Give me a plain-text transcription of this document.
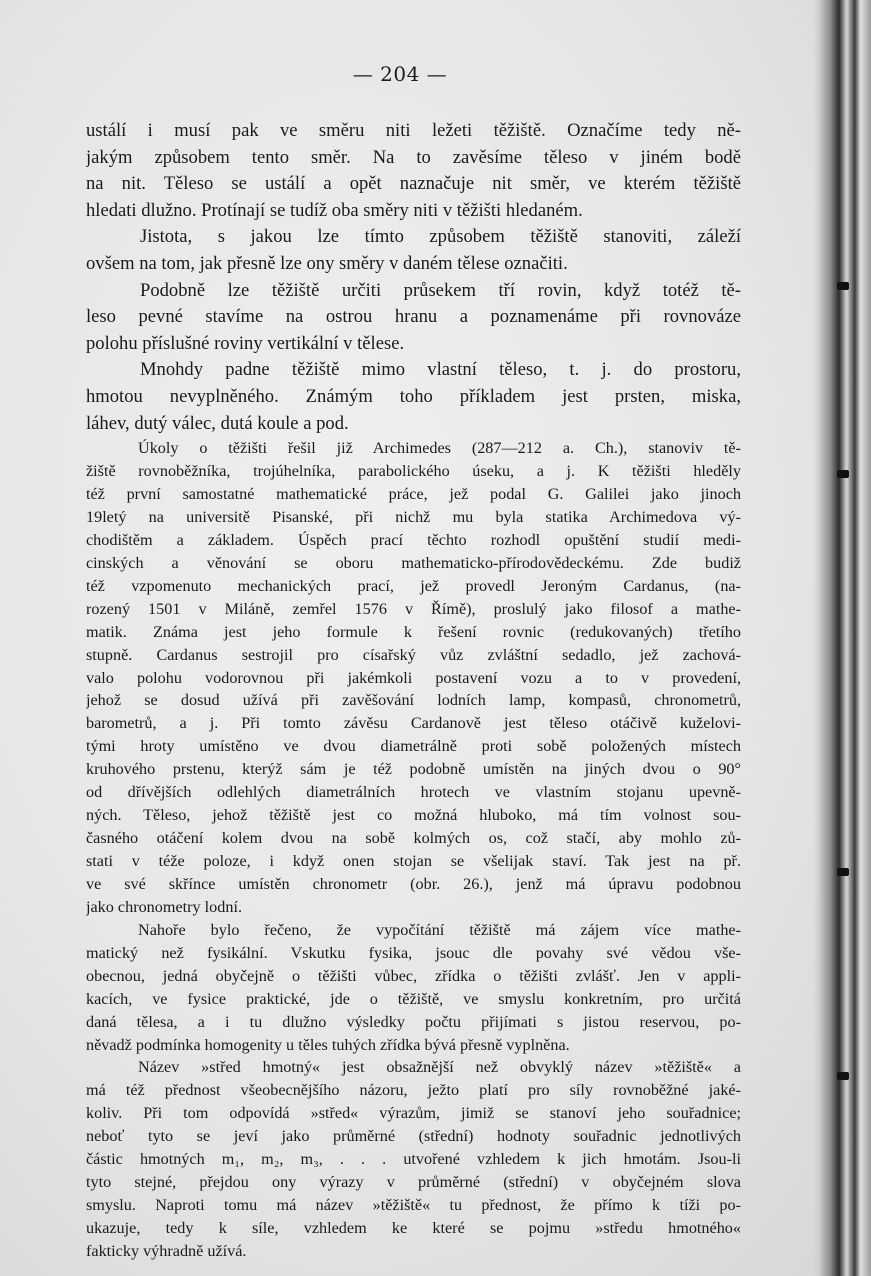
— 204 —
ustálí i musí pak ve směru niti ležeti těžiště. Označíme tedy ně-
jakým způsobem tento směr. Na to zavěsíme těleso v jiném bodě
na nit. Těleso se ustálí a opět naznačuje nit směr, ve kterém těžiště
hledati dlužno. Protínají se tudíž oba směry niti v těžišti hledaném.
Jistota, s jakou lze tímto způsobem těžiště stanoviti, záleží
ovšem na tom, jak přesně lze ony směry v daném tělese označiti.
Podobně lze těžiště určiti průsekem tří rovin, když totéž tě-
leso pevné stavíme na ostrou hranu a poznamenáme při rovnováze
polohu příslušné roviny vertikální v tělese.
Mnohdy padne těžiště mimo vlastní těleso, t. j. do prostoru,
hmotou nevyplněného. Známým toho příkladem jest prsten, miska,
láhev, dutý válec, dutá koule a pod.
Úkoly o těžišti řešil již Archimedes (287—212 a. Ch.), stanoviv tě-
žiště rovnoběžníka, trojúhelníka, parabolického úseku, a j. K těžišti hleděly
též první samostatné mathematické práce, jež podal G. Galilei jako jinoch
19letý na universitě Pisanské, při nichž mu byla statika Archimedova vý-
chodištěm a základem. Úspěch prací těchto rozhodl opuštění studií medi-
cinských a věnování se oboru mathematicko-přírodovědeckému. Zde budiž
též vzpomenuto mechanických prací, jež provedl Jeroným Cardanus, (na-
rozený 1501 v Miláně, zemřel 1576 v Římě), proslulý jako filosof a mathe-
matik. Známa jest jeho formule k řešení rovnic (redukovaných) třetího
stupně. Cardanus sestrojil pro císařský vůz zvláštní sedadlo, jež zachová-
valo polohu vodorovnou při jakémkoli postavení vozu a to v provedení,
jehož se dosud užívá při zavěšování lodních lamp, kompasů, chronometrů,
barometrů, a j. Při tomto závěsu Cardanově jest těleso otáčivě kuželovi-
tými hroty umístěno ve dvou diametrálně proti sobě položených místech
kruhového prstenu, kterýž sám je též podobně umístěn na jiných dvou o 90°
od dřívějších odlehlých diametrálních hrotech ve vlastním stojanu upevně-
ných. Těleso, jehož těžiště jest co možná hluboko, má tím volnost sou-
časného otáčení kolem dvou na sobě kolmých os, což stačí, aby mohlo zů-
stati v téže poloze, i když onen stojan se všelijak staví. Tak jest na př.
ve své skřínce umístěn chronometr (obr. 26.), jenž má úpravu podobnou
jako chronometry lodní.
Nahoře bylo řečeno, že vypočítání těžiště má zájem více mathe-
matický než fysikální. Vskutku fysika, jsouc dle povahy své vědou vše-
obecnou, jedná obyčejně o těžišti vůbec, zřídka o těžišti zvlášť. Jen v appli-
kacích, ve fysice praktické, jde o těžiště, ve smyslu konkretním, pro určitá
daná tělesa, a i tu dlužno výsledky počtu přijímati s jistou reservou, po-
něvadž podmínka homogenity u těles tuhých zřídka bývá přesně vyplněna.
Název »střed hmotný« jest obsažnější než obvyklý název »těžiště« a
má též přednost všeobecnějšího názoru, ježto platí pro síly rovnoběžné jaké-
koliv. Při tom odpovídá »střed« výrazům, jimiž se stanoví jeho souřadnice;
neboť tyto se jeví jako průměrné (střední) hodnoty souřadnic jednotlivých
částic hmotných m₁, m₂, m₃, . . . utvořené vzhledem k jich hmotám. Jsou-li
tyto stejné, přejdou ony výrazy v průměrné (střední) v obyčejném slova
smyslu. Naproti tomu má název »těžiště« tu přednost, že přímo k tíži po-
ukazuje, tedy k síle, vzhledem ke které se pojmu »středu hmotného«
fakticky výhradně užívá.
